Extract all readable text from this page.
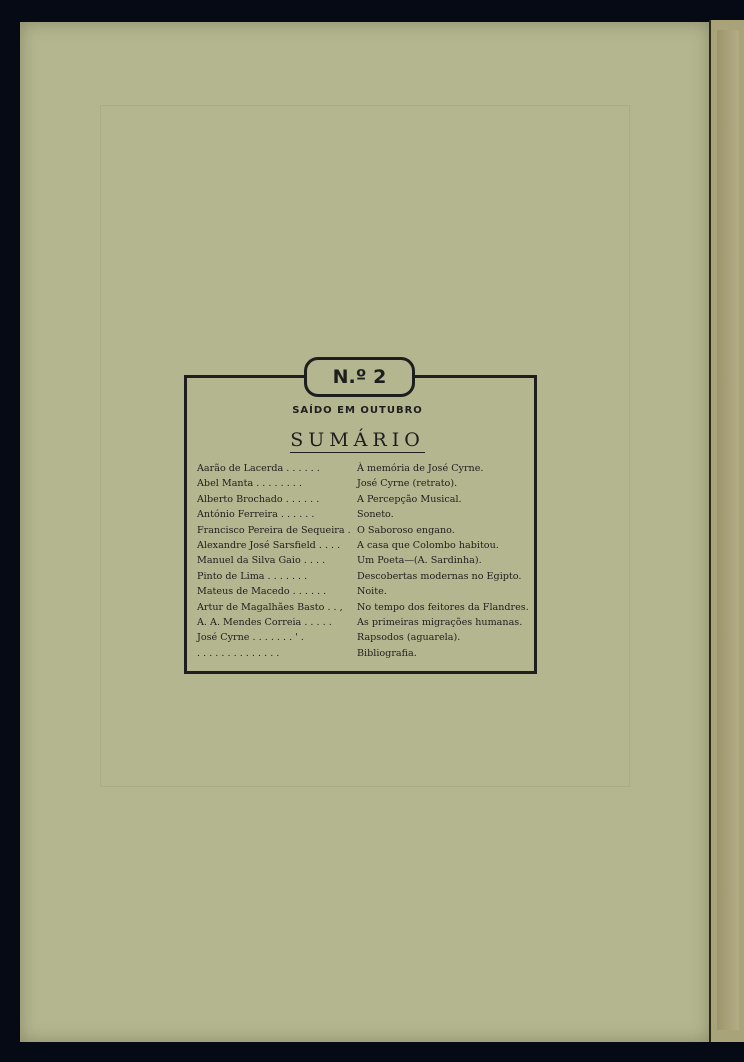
N.º 2
SAÍDO EM OUTUBRO
SUMÁRIO
Aarão de Lacerda . . . . . .	À memória de José Cyrne.
Abel Manta . . . . . . . .	José Cyrne (retrato).
Alberto Brochado . . . . . .	A Percepção Musical.
António Ferreira . . . . . .	Soneto.
Francisco Pereira de Sequeira . O Saboroso engano.
Alexandre José Sarsfield . . . . A casa que Colombo habitou.
Manuel da Silva Gaio . . . .	Um Poeta—(A. Sardinha).
Pinto de Lima . . . . . . .	Descobertas modernas no Egipto.
Mateus de Macedo . . . . . .	Noite.
Artur de Magalhães Basto . . , No tempo dos feitores da Flandres.
A. A. Mendes Correia . . . . .	As primeiras migrações humanas.
José Cyrne . . . . . . . ' .	Rapsodos (aguarela).
. . . . . . . . . . . . . .	Bibliografia.
